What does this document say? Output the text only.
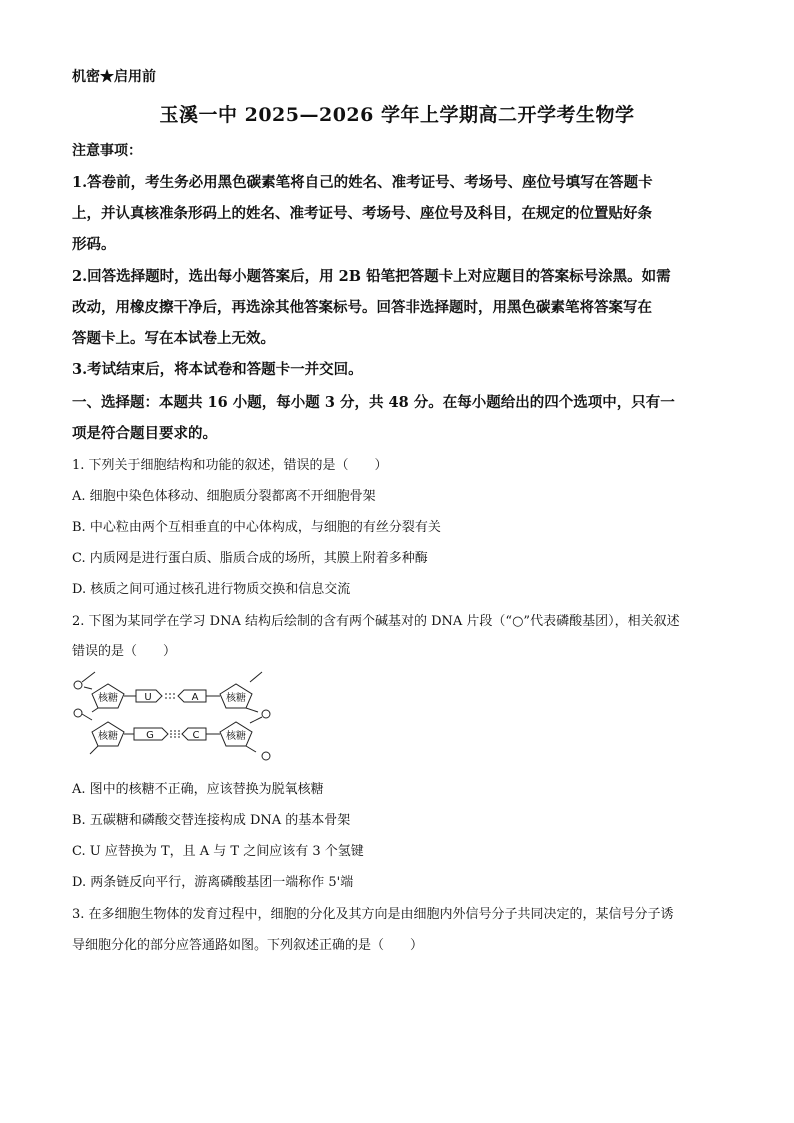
机密★启用前
玉溪一中 2025—2026 学年上学期高二开学考生物学
注意事项：
1.答卷前，考生务必用黑色碳素笔将自己的姓名、准考证号、考场号、座位号填写在答题卡
上，并认真核准条形码上的姓名、准考证号、考场号、座位号及科目，在规定的位置贴好条
形码。
2.回答选择题时，选出每小题答案后，用 2B 铅笔把答题卡上对应题目的答案标号涂黑。如需
改动，用橡皮擦干净后，再选涂其他答案标号。回答非选择题时，用黑色碳素笔将答案写在
答题卡上。写在本试卷上无效。
3.考试结束后，将本试卷和答题卡一并交回。
一、选择题：本题共 16 小题，每小题 3 分，共 48 分。在每小题给出的四个选项中，只有一
项是符合题目要求的。
1. 下列关于细胞结构和功能的叙述，错误的是（　　）
A. 细胞中染色体移动、细胞质分裂都离不开细胞骨架
B. 中心粒由两个互相垂直的中心体构成，与细胞的有丝分裂有关
C. 内质网是进行蛋白质、脂质合成的场所，其膜上附着多种酶
D. 核质之间可通过核孔进行物质交换和信息交流
2. 下图为某同学在学习 DNA 结构后绘制的含有两个碱基对的 DNA 片段（“○”代表磷酸基团），相关叙述
错误的是（　　）
核糖
核糖
核糖
核糖
U	A
G	C
A. 图中的核糖不正确，应该替换为脱氧核糖
B. 五碳糖和磷酸交替连接构成 DNA 的基本骨架
C. U 应替换为 T，且 A 与 T 之间应该有 3 个氢键
D. 两条链反向平行，游离磷酸基团一端称作 5'端
3. 在多细胞生物体的发育过程中，细胞的分化及其方向是由细胞内外信号分子共同决定的，某信号分子诱
导细胞分化的部分应答通路如图。下列叙述正确的是（　　）
